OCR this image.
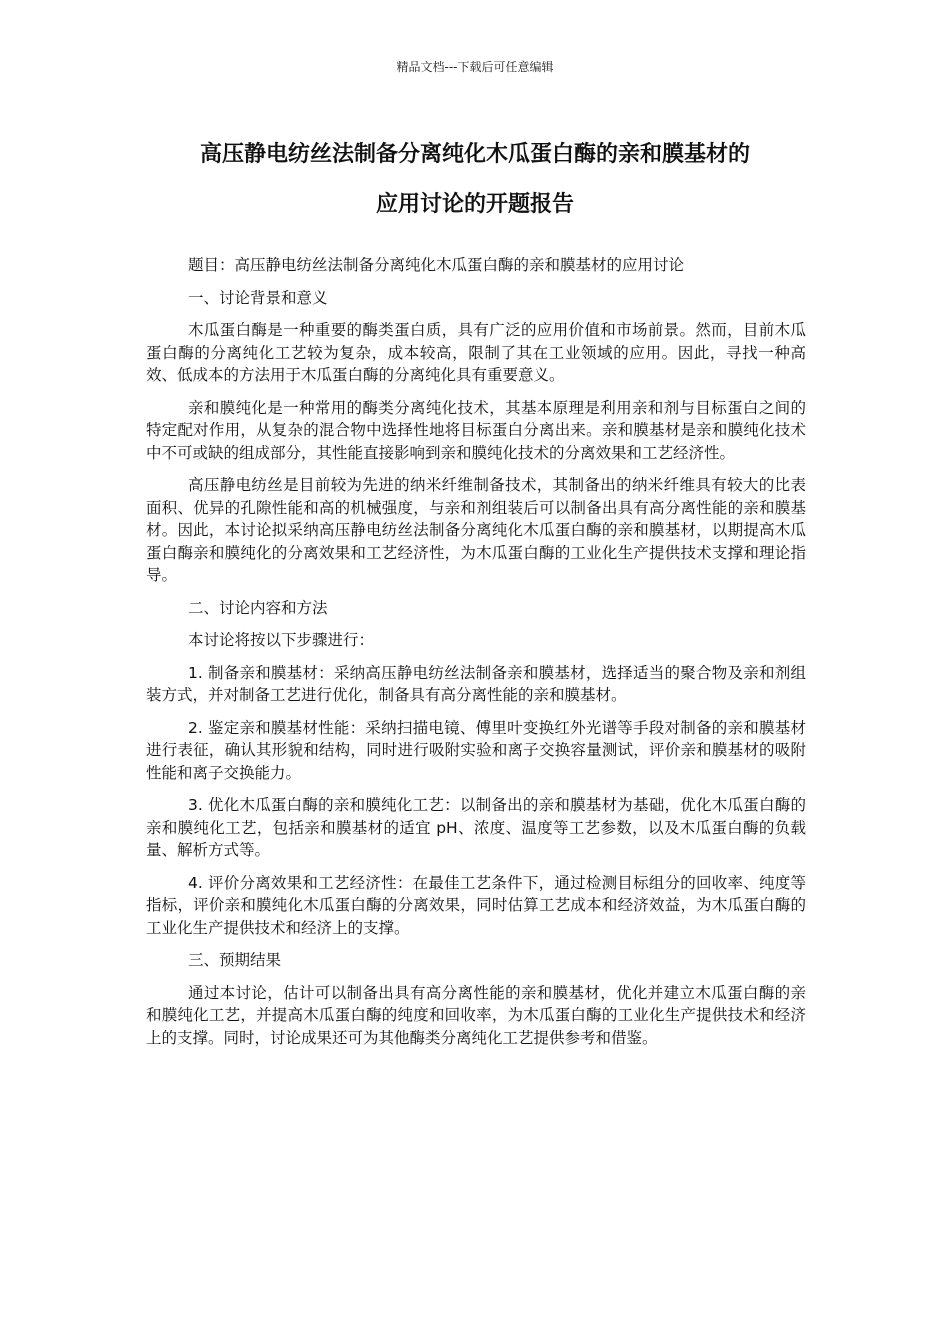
精品文档---下载后可任意编辑
高压静电纺丝法制备分离纯化木瓜蛋白酶的亲和膜基材的
应用讨论的开题报告

题目：高压静电纺丝法制备分离纯化木瓜蛋白酶的亲和膜基材的应用讨论

一、讨论背景和意义

木瓜蛋白酶是一种重要的酶类蛋白质，具有广泛的应用价值和市场前景。然而，目前木瓜蛋白酶的分离纯化工艺较为复杂，成本较高，限制了其在工业领域的应用。因此，寻找一种高效、低成本的方法用于木瓜蛋白酶的分离纯化具有重要意义。

亲和膜纯化是一种常用的酶类分离纯化技术，其基本原理是利用亲和剂与目标蛋白之间的特定配对作用，从复杂的混合物中选择性地将目标蛋白分离出来。亲和膜基材是亲和膜纯化技术中不可或缺的组成部分，其性能直接影响到亲和膜纯化技术的分离效果和工艺经济性。

高压静电纺丝是目前较为先进的纳米纤维制备技术，其制备出的纳米纤维具有较大的比表面积、优异的孔隙性能和高的机械强度，与亲和剂组装后可以制备出具有高分离性能的亲和膜基材。因此，本讨论拟采纳高压静电纺丝法制备分离纯化木瓜蛋白酶的亲和膜基材，以期提高木瓜蛋白酶亲和膜纯化的分离效果和工艺经济性，为木瓜蛋白酶的工业化生产提供技术支撑和理论指导。

二、讨论内容和方法

本讨论将按以下步骤进行：

1. 制备亲和膜基材：采纳高压静电纺丝法制备亲和膜基材，选择适当的聚合物及亲和剂组装方式，并对制备工艺进行优化，制备具有高分离性能的亲和膜基材。

2. 鉴定亲和膜基材性能：采纳扫描电镜、傅里叶变换红外光谱等手段对制备的亲和膜基材进行表征，确认其形貌和结构，同时进行吸附实验和离子交换容量测试，评价亲和膜基材的吸附性能和离子交换能力。

3. 优化木瓜蛋白酶的亲和膜纯化工艺：以制备出的亲和膜基材为基础，优化木瓜蛋白酶的亲和膜纯化工艺，包括亲和膜基材的适宜 pH、浓度、温度等工艺参数，以及木瓜蛋白酶的负载量、解析方式等。

4. 评价分离效果和工艺经济性：在最佳工艺条件下，通过检测目标组分的回收率、纯度等指标，评价亲和膜纯化木瓜蛋白酶的分离效果，同时估算工艺成本和经济效益，为木瓜蛋白酶的工业化生产提供技术和经济上的支撑。

三、预期结果

通过本讨论，估计可以制备出具有高分离性能的亲和膜基材，优化并建立木瓜蛋白酶的亲和膜纯化工艺，并提高木瓜蛋白酶的纯度和回收率，为木瓜蛋白酶的工业化生产提供技术和经济上的支撑。同时，讨论成果还可为其他酶类分离纯化工艺提供参考和借鉴。
